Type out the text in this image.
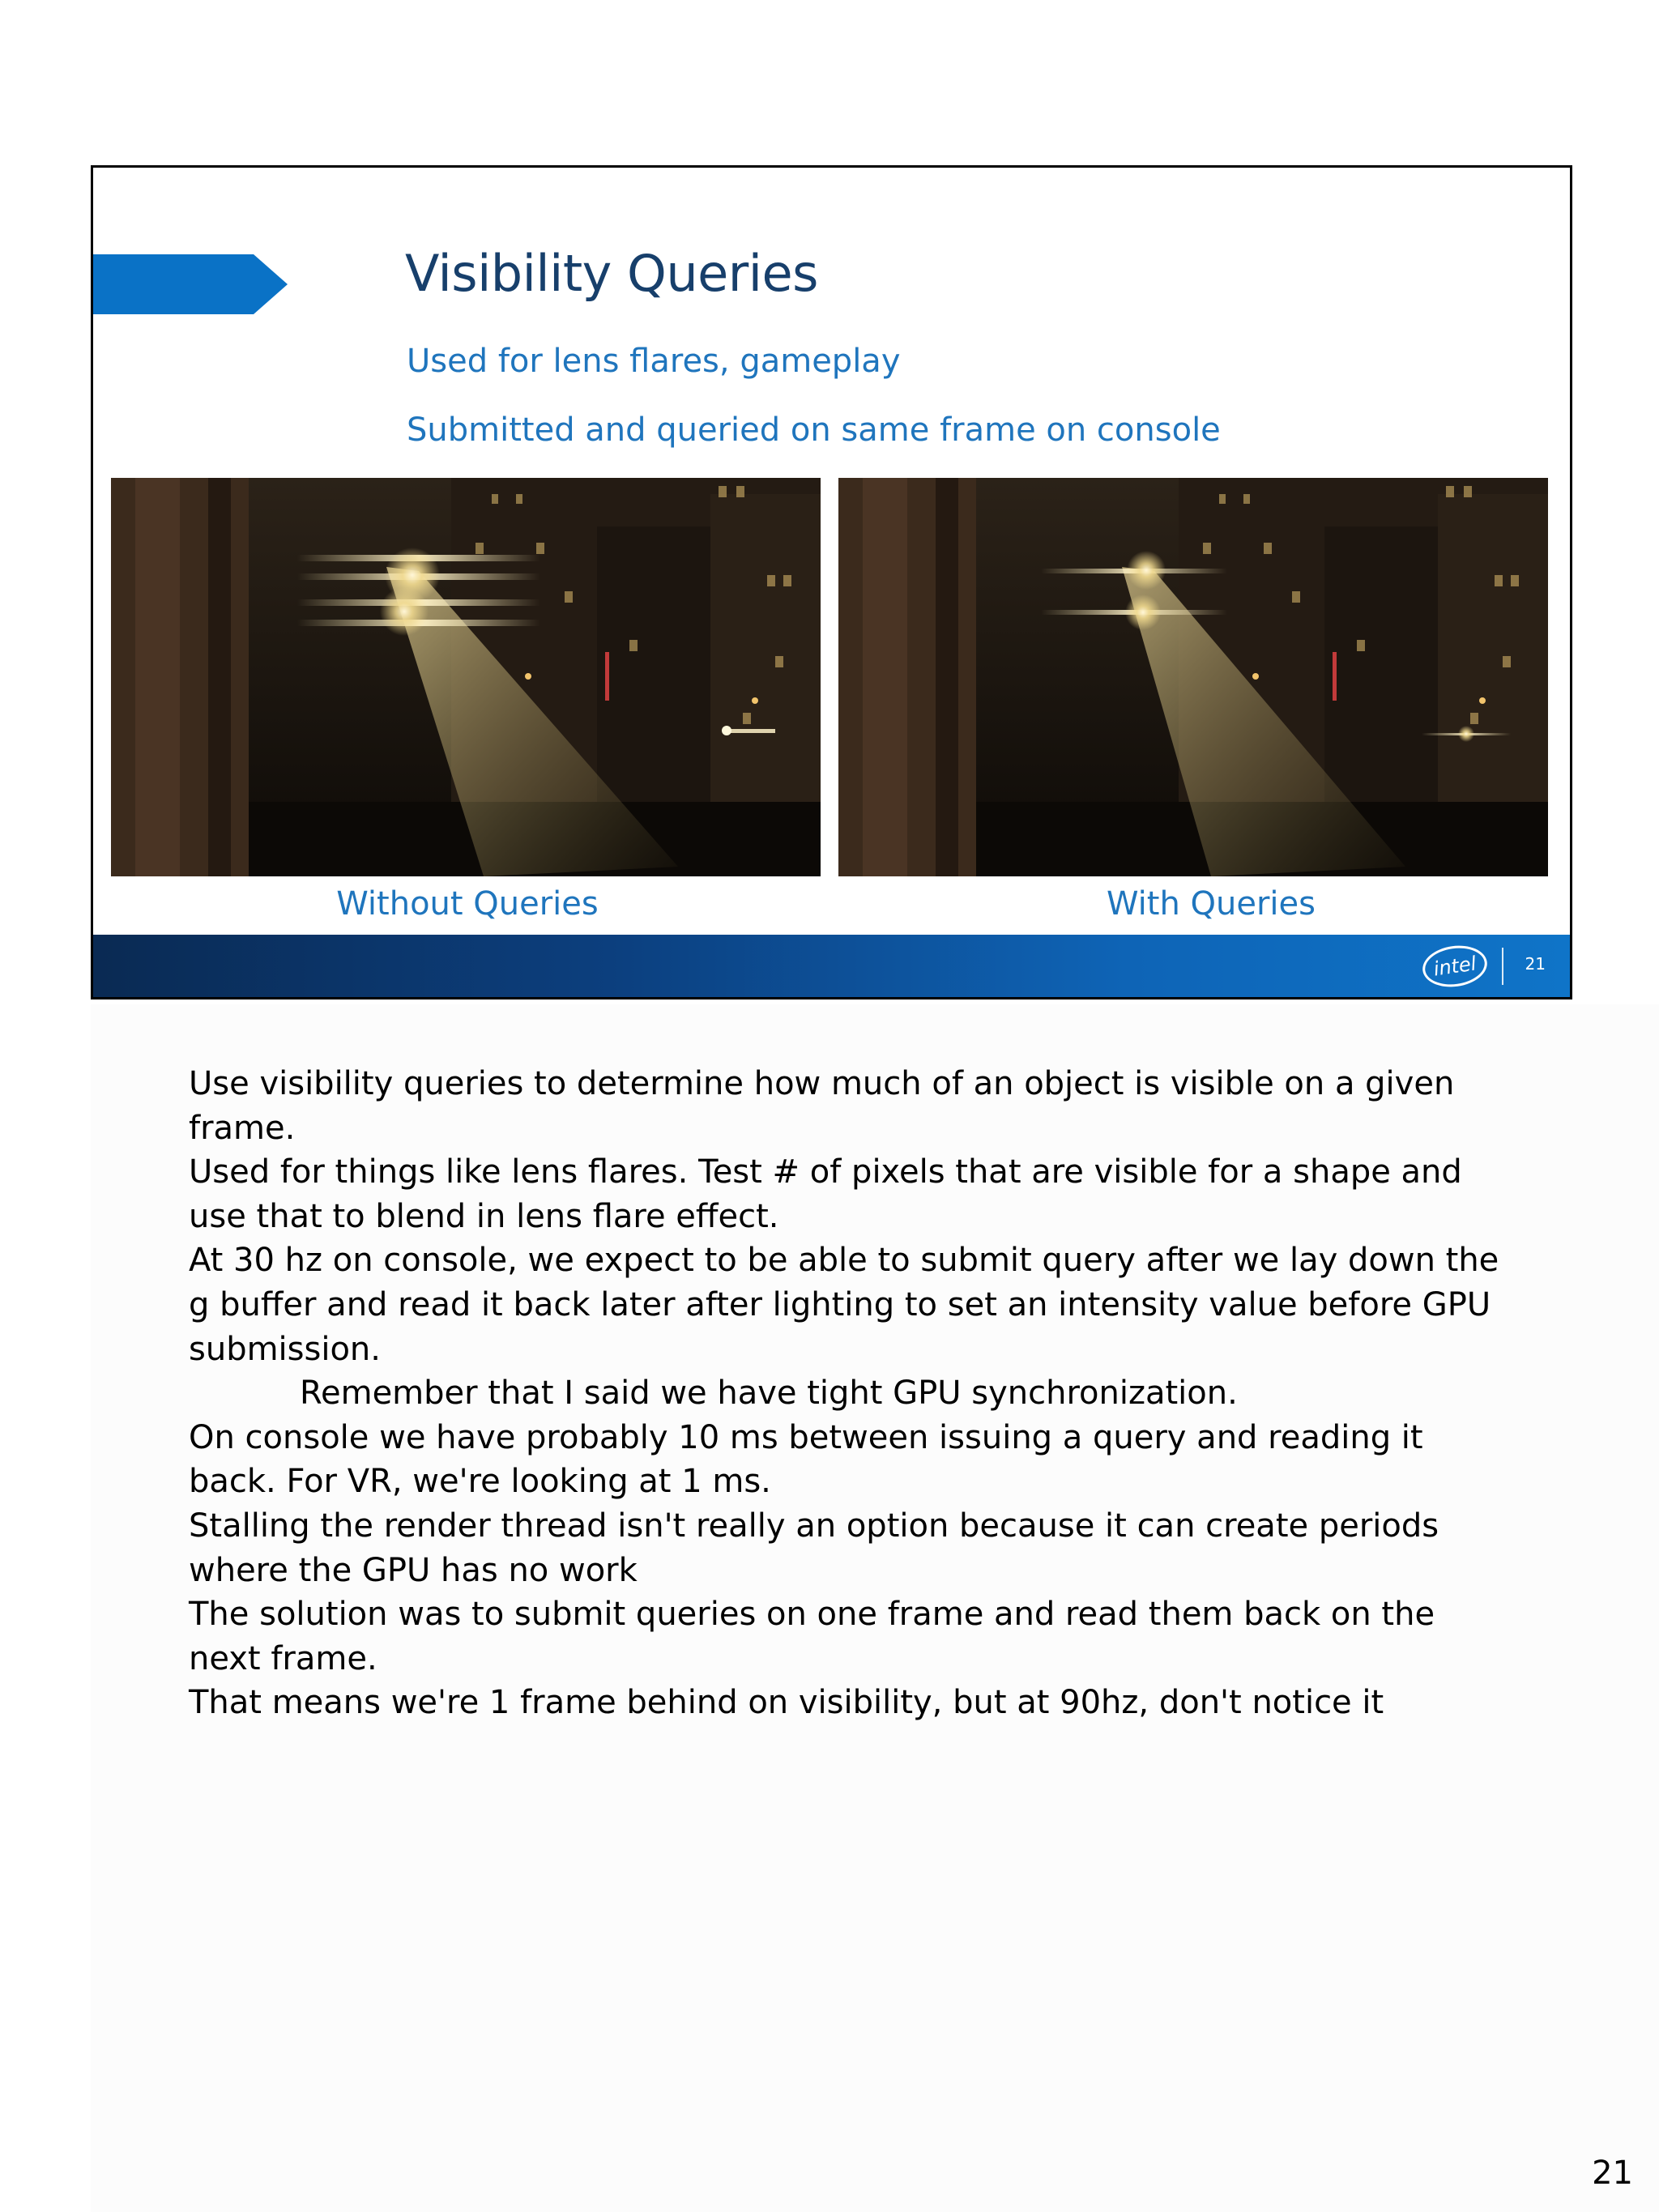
Visibility Queries

Used for lens flares, gameplay

Submitted and queried on same frame on console

Without Queries	With Queries

intel	21

Use visibility queries to determine how much of an object is visible on a given frame.

Used for things like lens flares. Test # of pixels that are visible for a shape and use that to blend in lens flare effect.

At 30 hz on console, we expect to be able to submit query after we lay down the g buffer and read it back later after lighting to set an intensity value before GPU submission.

Remember that I said we have tight GPU synchronization.

On console we have probably 10 ms between issuing a query and reading it back. For VR, we're looking at 1 ms.

Stalling the render thread isn't really an option because it can create periods where the GPU has no work

The solution was to submit queries on one frame and read them back on the next frame.

That means we're 1 frame behind on visibility, but at 90hz, don't notice it

21
